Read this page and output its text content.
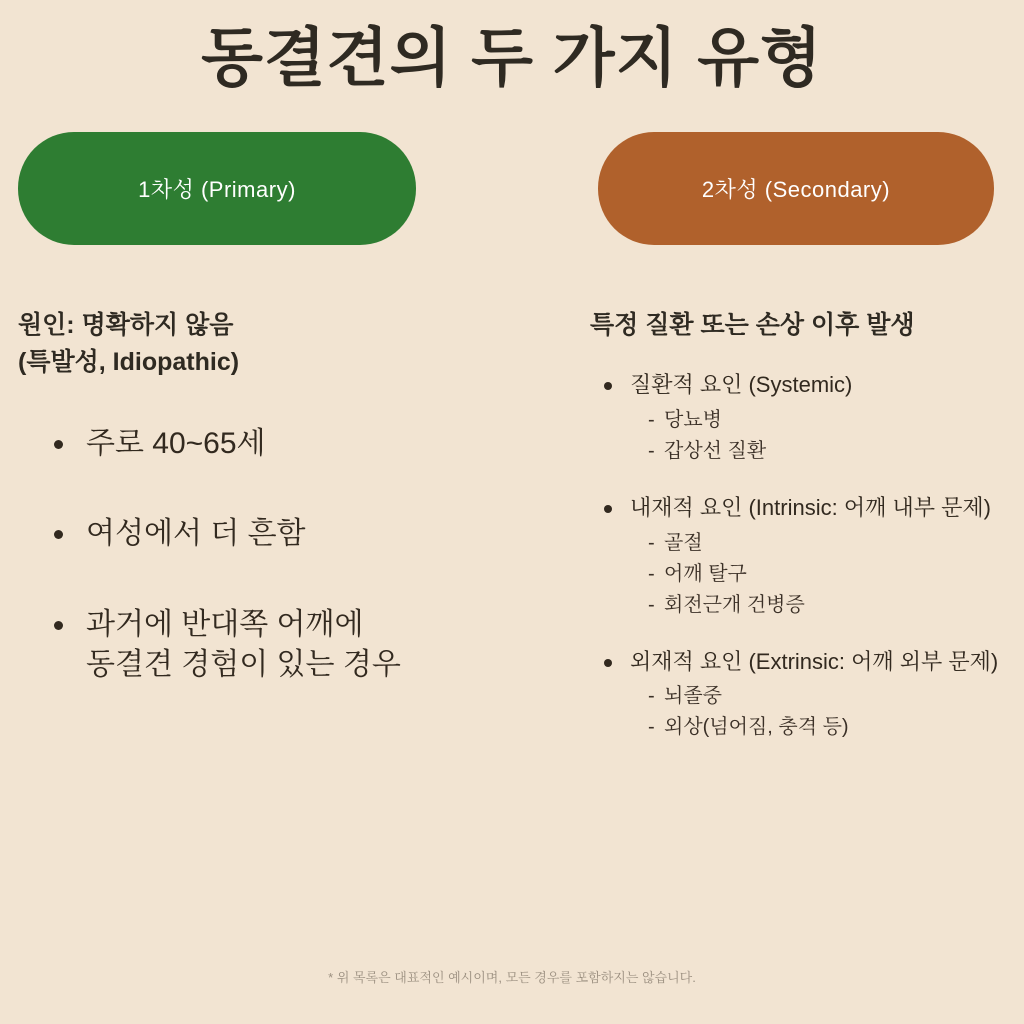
동결견의 두 가지 유형
1차성 (Primary)
원인: 명확하지 않음
(특발성, Idiopathic)
주로 40~65세
여성에서 더 흔함
과거에 반대쪽 어깨에
동결견 경험이 있는 경우
2차성 (Secondary)
특정 질환 또는 손상 이후 발생
질환적 요인 (Systemic)
- 당뇨병
- 갑상선 질환
내재적 요인 (Intrinsic: 어깨 내부 문제)
- 골절
- 어깨 탈구
- 회전근개 건병증
외재적 요인 (Extrinsic: 어깨 외부 문제)
- 뇌졸중
- 외상(넘어짐, 충격 등)
* 위 목록은 대표적인 예시이며, 모든 경우를 포함하지는 않습니다.
